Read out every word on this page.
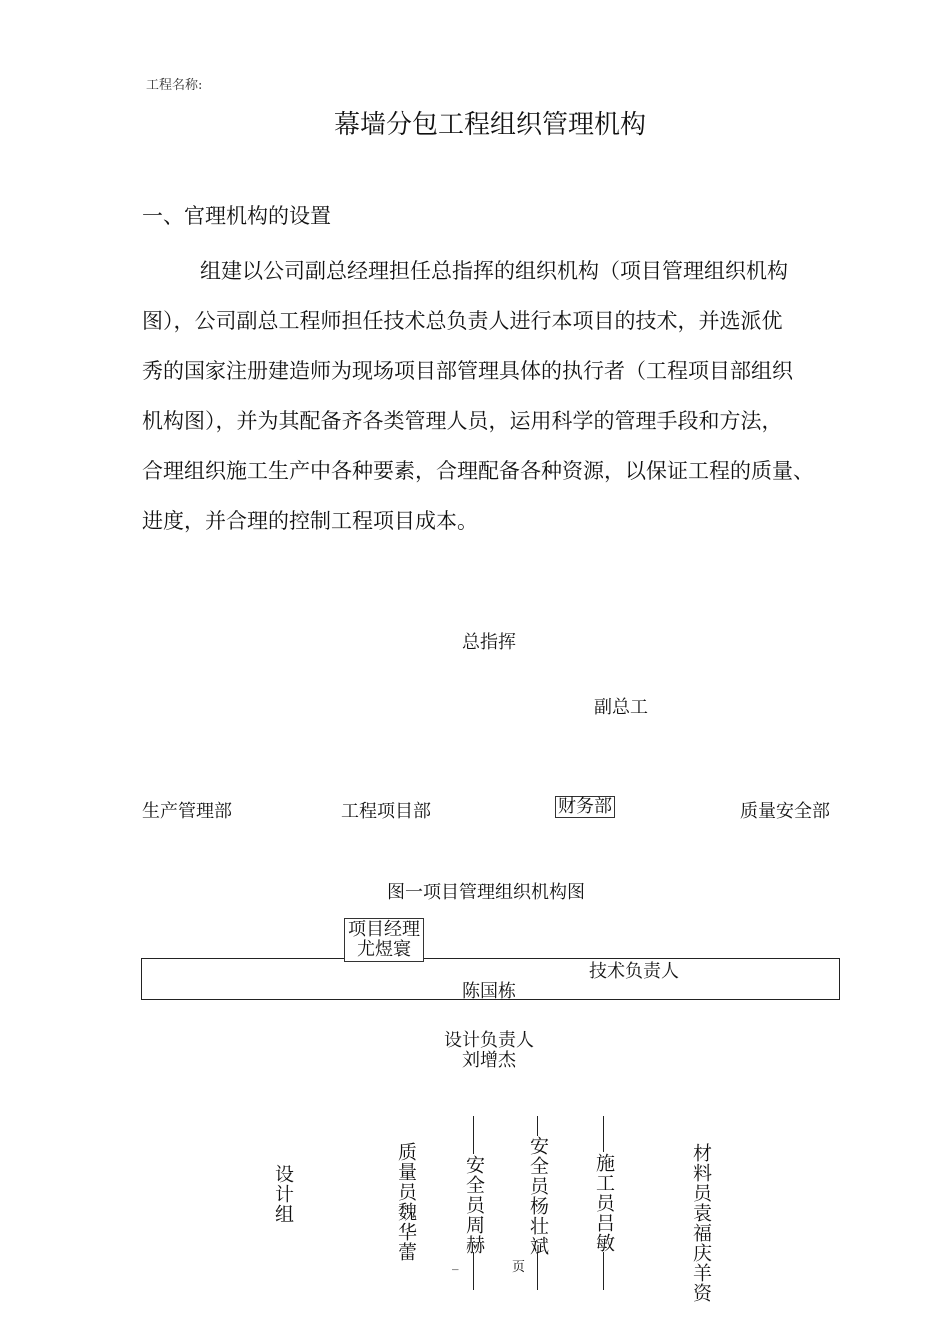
工程名称:
幕墙分包工程组织管理机构
一、官理机构的设置

组建以公司副总经理担任总指挥的组织机构（项目管理组织机构

图），公司副总工程师担任技术总负责人进行本项目的技术，并选派优

秀的国家注册建造师为现场项目部管理具体的执行者（工程项目部组织

机构图），并为其配备齐各类管理人员，运用科学的管理手段和方法，

合理组织施工生产中各种要素，合理配备各种资源，以保证工程的质量、

进度，并合理的控制工程项目成本。

总指挥
副总工
生产管理部	工程项目部	财务部	质量安全部
图一项目管理组织机构图
项目经理
尤煜寰
技术负责人
陈国栋
设计负责人
刘增杰
设计组	质量员魏华蕾 安全员周赫
_
安全员杨壮斌
页
施工员吕敏	材料员袁福庆羊资
